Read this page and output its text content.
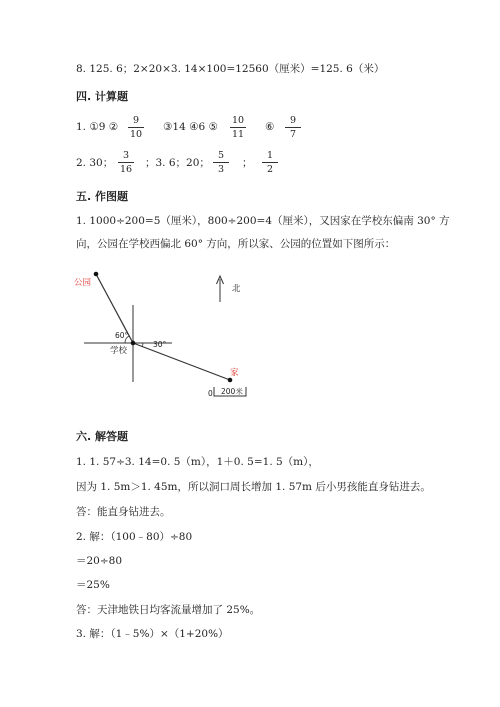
8. 125. 6；2×20×3. 14×100=12560（厘米）=125. 6（米）
四. 计算题
1. ①9 ② $\frac{9}{10}$ ③14 ④6 ⑤ $\frac{10}{11}$ ⑥ $\frac{9}{7}$
2. 30； $\frac{3}{16}$ ；3. 6；20； $\frac{5}{3}$ ； $\frac{1}{2}$
五. 作图题
1. 1000÷200=5（厘米），800÷200=4（厘米），又因家在学校东偏南 30° 方
向，公园在学校西偏北 60° 方向，所以家、公园的位置如下图所示：
公园
北
60°
30°
学校
家
0 200米
六. 解答题
1. 1. 57÷3. 14=0. 5（m），1＋0. 5=1. 5（m），
因为 1. 5m＞1. 45m，所以洞口周长增加 1. 57m 后小男孩能直身钻进去。
答：能直身钻进去。
2. 解：（100﹣80）÷80
＝20÷80
＝25%
答：天津地铁日均客流量增加了 25%。
3. 解：（1﹣5%）×（1+20%）
